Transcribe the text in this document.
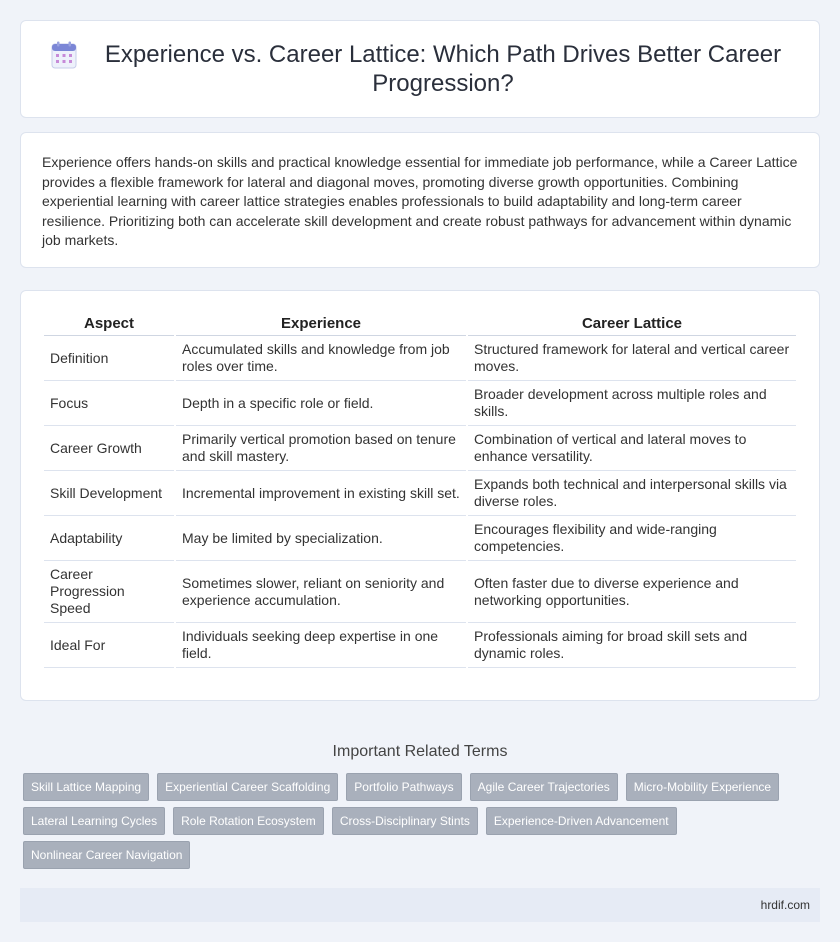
Experience vs. Career Lattice: Which Path Drives Better Career Progression?

Experience offers hands-on skills and practical knowledge essential for immediate job performance, while a Career Lattice provides a flexible framework for lateral and diagonal moves, promoting diverse growth opportunities. Combining experiential learning with career lattice strategies enables professionals to build adaptability and long-term career resilience. Prioritizing both can accelerate skill development and create robust pathways for advancement within dynamic job markets.

Aspect	Experience	Career Lattice
Definition	Accumulated skills and knowledge from job roles over time.	Structured framework for lateral and vertical career moves.
Focus	Depth in a specific role or field.	Broader development across multiple roles and skills.
Career Growth	Primarily vertical promotion based on tenure and skill mastery.	Combination of vertical and lateral moves to enhance versatility.
Skill Development	Incremental improvement in existing skill set.	Expands both technical and interpersonal skills via diverse roles.
Adaptability	May be limited by specialization.	Encourages flexibility and wide-ranging competencies.
Career Progression Speed	Sometimes slower, reliant on seniority and experience accumulation.	Often faster due to diverse experience and networking opportunities.
Ideal For	Individuals seeking deep expertise in one field.	Professionals aiming for broad skill sets and dynamic roles.
Important Related Terms
Skill Lattice Mapping	Experiential Career Scaffolding	Portfolio Pathways	Agile Career Trajectories	Micro-Mobility Experience
Lateral Learning Cycles	Role Rotation Ecosystem	Cross-Disciplinary Stints	Experience-Driven Advancement
Nonlinear Career Navigation
hrdif.com
